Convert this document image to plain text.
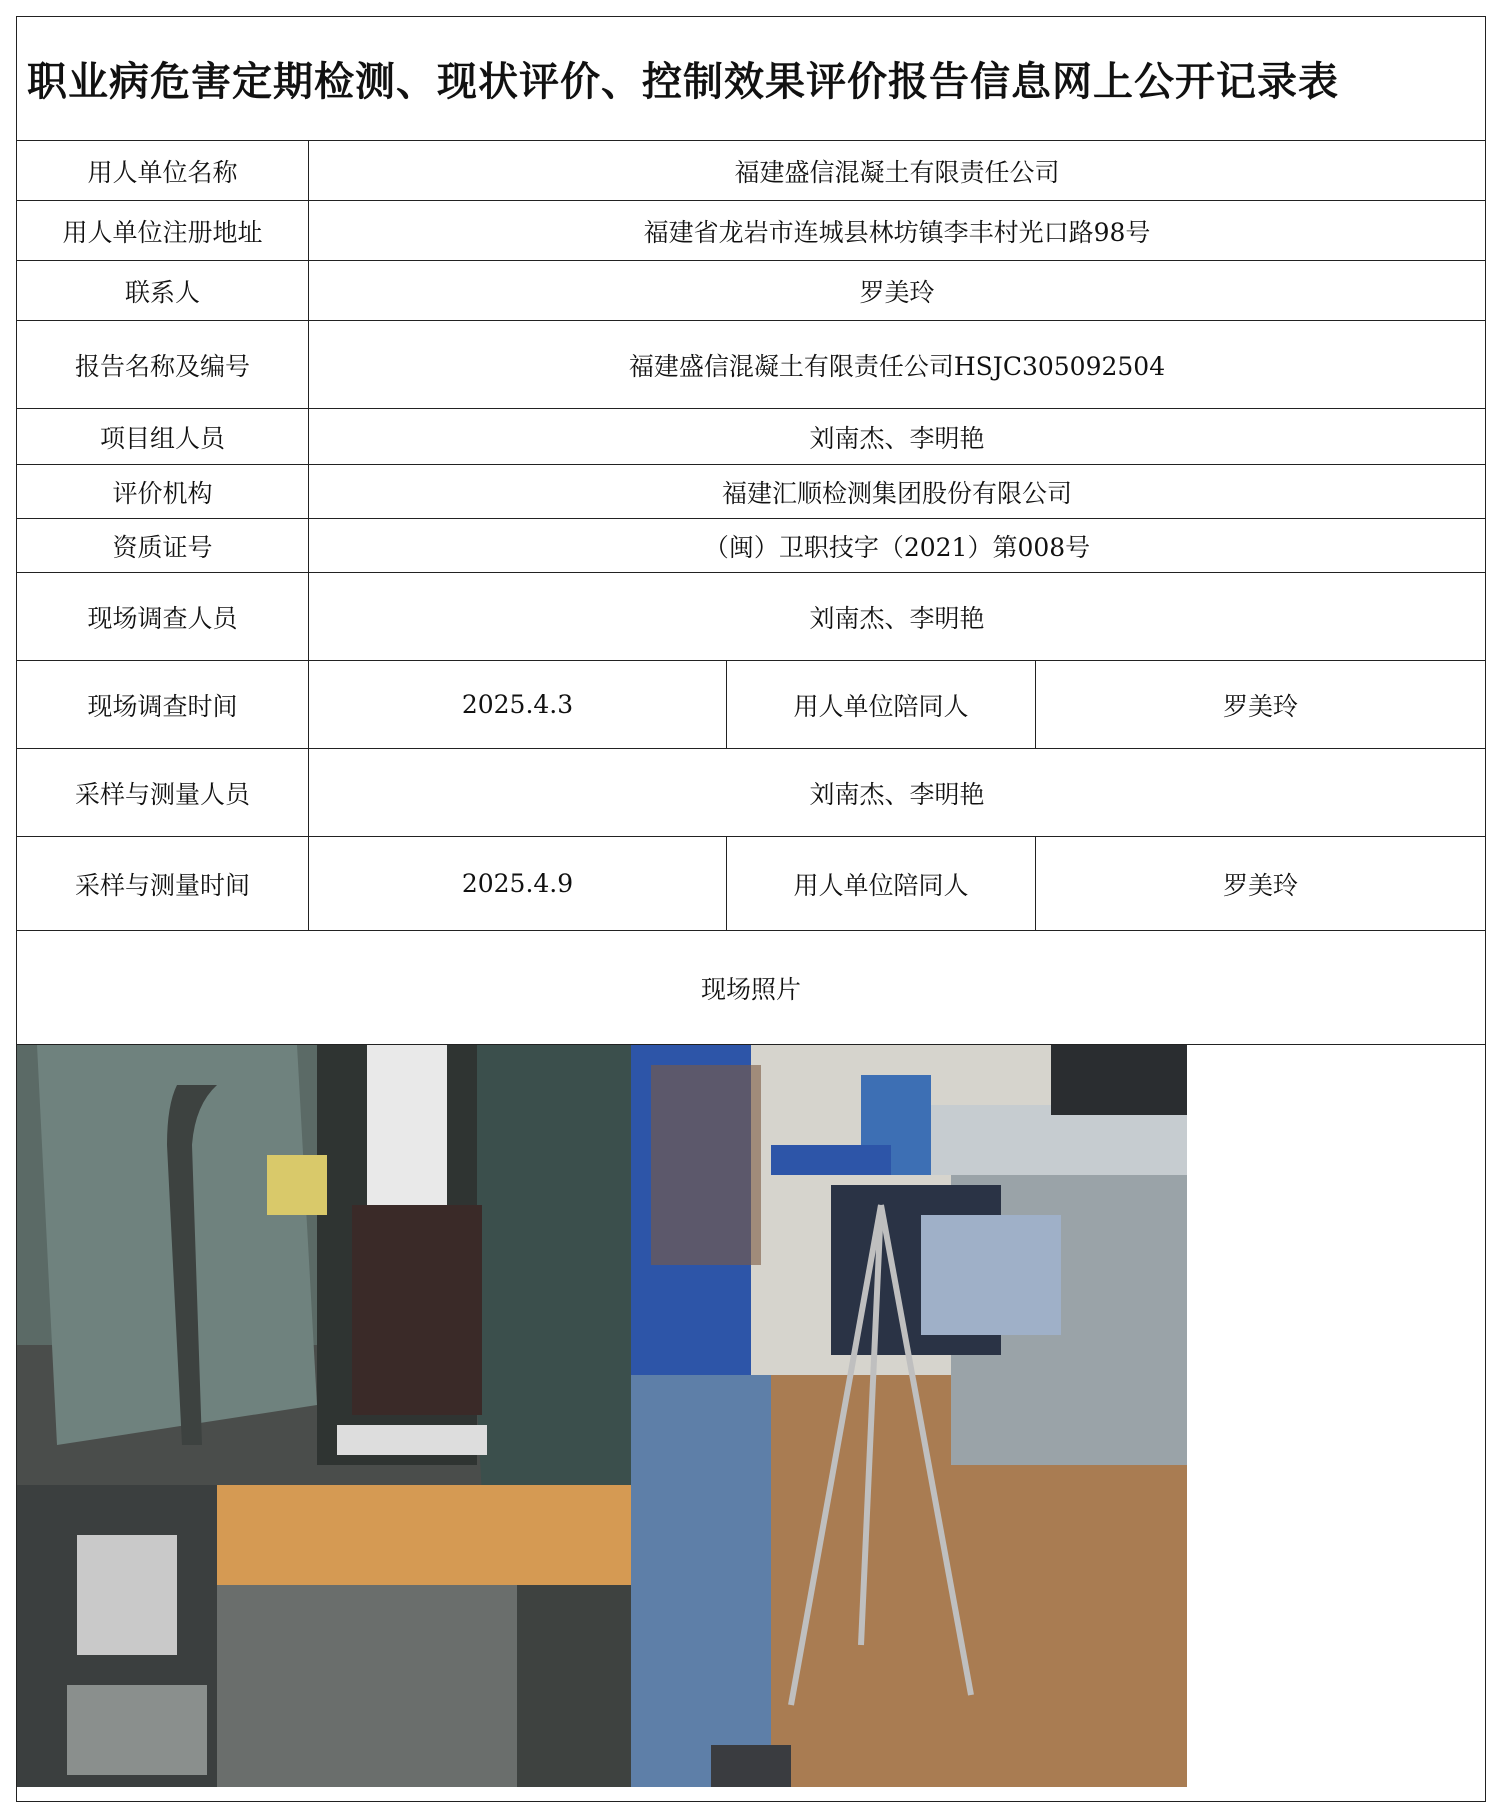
职业病危害定期检测、现状评价、控制效果评价报告信息网上公开记录表
用人单位名称	福建盛信混凝土有限责任公司
用人单位注册地址	福建省龙岩市连城县林坊镇李丰村光口路98号
联系人	罗美玲
报告名称及编号	福建盛信混凝土有限责任公司HSJC305092504
项目组人员	刘南杰、李明艳
评价机构	福建汇顺检测集团股份有限公司
资质证号	（闽）卫职技字（2021）第008号
现场调查人员	刘南杰、李明艳
现场调查时间	2025.4.3	用人单位陪同人	罗美玲
采样与测量人员	刘南杰、李明艳
采样与测量时间	2025.4.9	用人单位陪同人	罗美玲
现场照片
